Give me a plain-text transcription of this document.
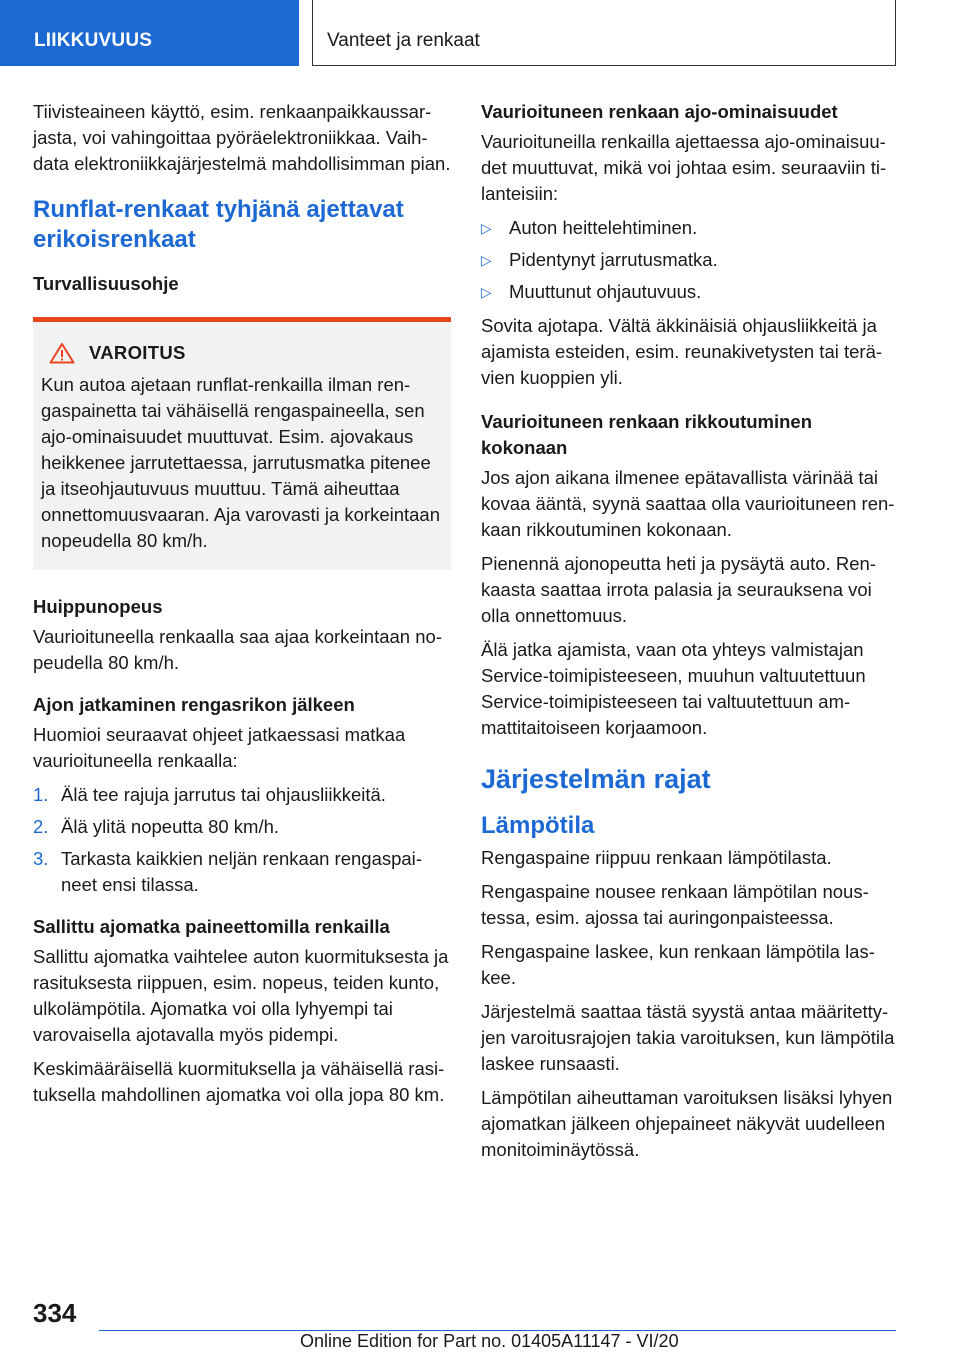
LIIKKUVUUS	Vanteet ja renkaat

Tiivisteaineen käyttö, esim. renkaanpaikkaussarjasta, voi vahingoittaa pyöräelektroniikkaa. Vaihdata elektroniikkajärjestelmä mahdollisimman pian.

Runflat-renkaat tyhjänä ajettavat erikoisrenkaat

Turvallisuusohje

VAROITUS

Kun autoa ajetaan runflat-renkailla ilman rengaspainetta tai vähäisellä rengaspaineella, sen ajo-ominaisuudet muuttuvat. Esim. ajovakaus heikkenee jarrutettaessa, jarrutusmatka pitenee ja itseohjautuvuus muuttuu. Tämä aiheuttaa onnettomuusvaaran. Aja varovasti ja korkeintaan nopeudella 80 km/h.

Huippunopeus

Vaurioituneella renkaalla saa ajaa korkeintaan nopeudella 80 km/h.

Ajon jatkaminen rengasrikon jälkeen

Huomioi seuraavat ohjeet jatkaessasi matkaa vaurioituneella renkaalla:

1. Älä tee rajuja jarrutus tai ohjausliikkeitä.
2. Älä ylitä nopeutta 80 km/h.
3. Tarkasta kaikkien neljän renkaan rengaspaineet ensi tilassa.

Sallittu ajomatka paineettomilla renkailla

Sallittu ajomatka vaihtelee auton kuormituksesta ja rasituksesta riippuen, esim. nopeus, teiden kunto, ulkolämpötila. Ajomatka voi olla lyhyempi tai varovaisella ajotavalla myös pidempi.

Keskimääräisellä kuormituksella ja vähäisellä rasituksella mahdollinen ajomatka voi olla jopa 80 km.

Vaurioituneen renkaan ajo-ominaisuudet

Vaurioituneilla renkailla ajettaessa ajo-ominaisuudet muuttuvat, mikä voi johtaa esim. seuraaviin tilanteisiin:

▷ Auton heittelehtiminen.
▷ Pidentynyt jarrutusmatka.
▷ Muuttunut ohjautuvuus.

Sovita ajotapa. Vältä äkkinäisiä ohjausliikkeitä ja ajamista esteiden, esim. reunakivetysten tai terävien kuoppien yli.

Vaurioituneen renkaan rikkoutuminen kokonaan

Jos ajon aikana ilmenee epätavallista värinää tai kovaa ääntä, syynä saattaa olla vaurioituneen renkaan rikkoutuminen kokonaan.

Pienennä ajonopeutta heti ja pysäytä auto. Renkaasta saattaa irrota palasia ja seurauksena voi olla onnettomuus.

Älä jatka ajamista, vaan ota yhteys valmistajan Service-toimipisteeseen, muuhun valtuutettuun Service-toimipisteeseen tai valtuutettuun ammattitaitoiseen korjaamoon.

Järjestelmän rajat
Lämpötila

Rengaspaine riippuu renkaan lämpötilasta.

Rengaspaine nousee renkaan lämpötilan noustessa, esim. ajossa tai auringonpaisteessa.

Rengaspaine laskee, kun renkaan lämpötila laskee.

Järjestelmä saattaa tästä syystä antaa määritettyjen varoitusrajojen takia varoituksen, kun lämpötila laskee runsaasti.

Lämpötilan aiheuttaman varoituksen lisäksi lyhyen ajomatkan jälkeen ohjepaineet näkyvät uudelleen monitoiminäytössä.

334
Online Edition for Part no. 01405A11147 - VI/20
